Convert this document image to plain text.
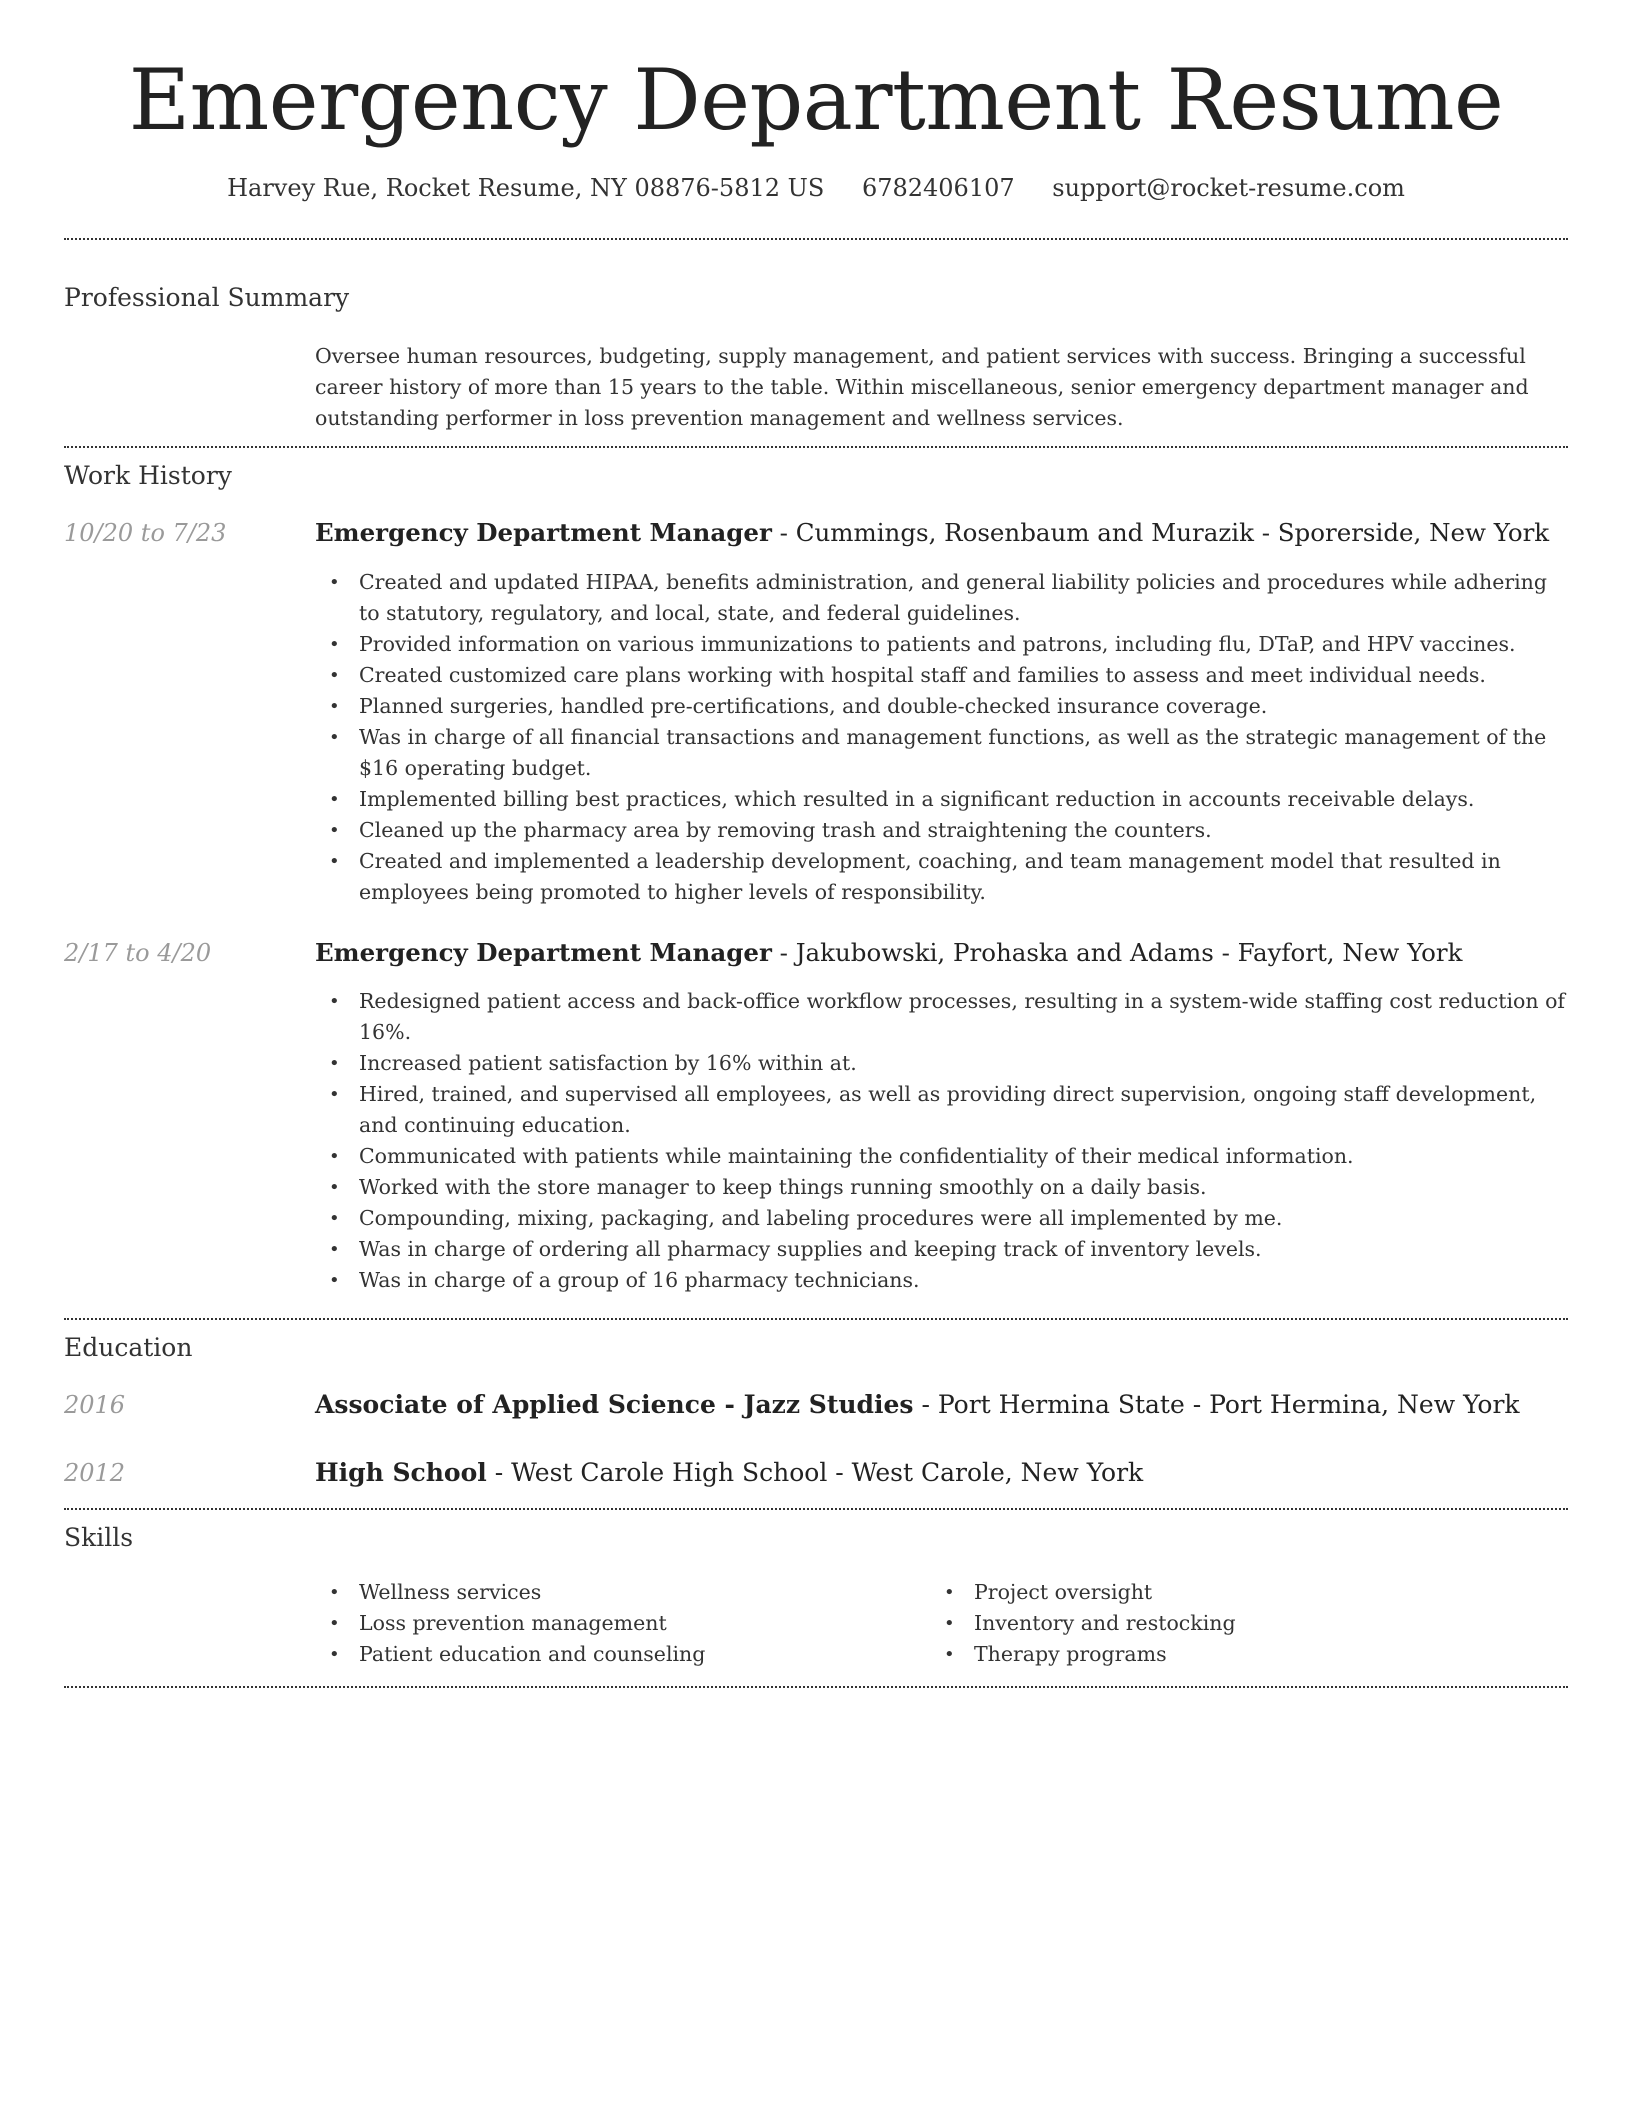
Emergency Department Resume
Harvey Rue, Rocket Resume, NY 08876-5812 US 6782406107 support@rocket-resume.com
Professional Summary
Oversee human resources, budgeting, supply management, and patient services with success. Bringing a successful career history of more than 15 years to the table. Within miscellaneous, senior emergency department manager and outstanding performer in loss prevention management and wellness services.
Work History
10/20 to 7/23	Emergency Department Manager - Cummings, Rosenbaum and Murazik - Sporerside, New York
• Created and updated HIPAA, benefits administration, and general liability policies and procedures while adhering to statutory, regulatory, and local, state, and federal guidelines.
• Provided information on various immunizations to patients and patrons, including flu, DTaP, and HPV vaccines.
• Created customized care plans working with hospital staff and families to assess and meet individual needs.
• Planned surgeries, handled pre-certifications, and double-checked insurance coverage.
• Was in charge of all financial transactions and management functions, as well as the strategic management of the $16 operating budget.
• Implemented billing best practices, which resulted in a significant reduction in accounts receivable delays.
• Cleaned up the pharmacy area by removing trash and straightening the counters.
• Created and implemented a leadership development, coaching, and team management model that resulted in employees being promoted to higher levels of responsibility.
2/17 to 4/20	Emergency Department Manager - Jakubowski, Prohaska and Adams - Fayfort, New York
• Redesigned patient access and back-office workflow processes, resulting in a system-wide staffing cost reduction of 16%.
• Increased patient satisfaction by 16% within at.
• Hired, trained, and supervised all employees, as well as providing direct supervision, ongoing staff development, and continuing education.
• Communicated with patients while maintaining the confidentiality of their medical information.
• Worked with the store manager to keep things running smoothly on a daily basis.
• Compounding, mixing, packaging, and labeling procedures were all implemented by me.
• Was in charge of ordering all pharmacy supplies and keeping track of inventory levels.
• Was in charge of a group of 16 pharmacy technicians.
Education
2016	Associate of Applied Science - Jazz Studies - Port Hermina State - Port Hermina, New York
2012	High School - West Carole High School - West Carole, New York
Skills
• Wellness services
• Loss prevention management
• Patient education and counseling
• Project oversight
• Inventory and restocking
• Therapy programs
